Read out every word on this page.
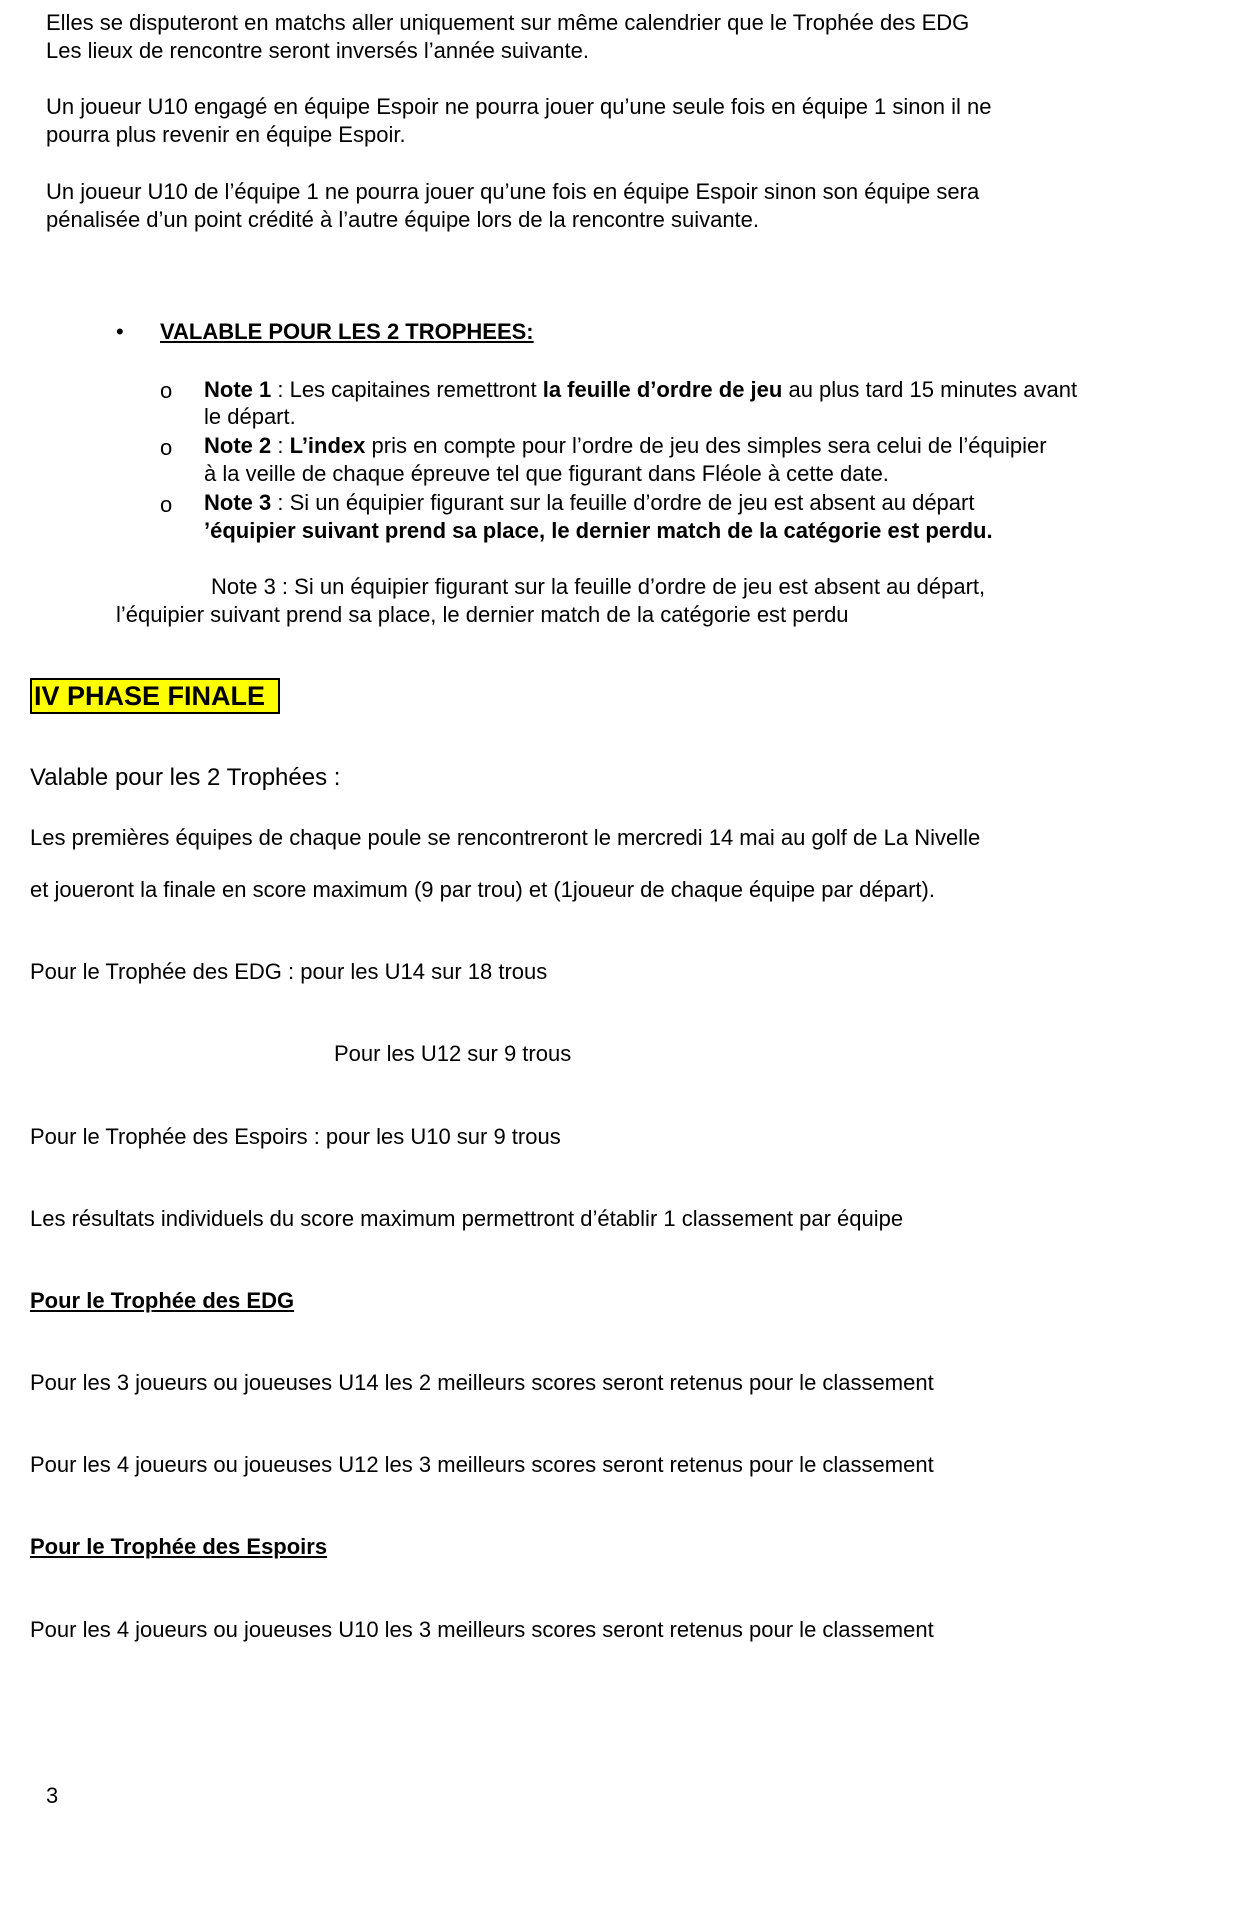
Elles se disputeront en matchs aller uniquement sur même calendrier que le Trophée des EDG
Les lieux de rencontre seront inversés l’année suivante.
Un joueur U10 engagé en équipe Espoir ne pourra jouer qu’une seule fois en équipe 1 sinon il ne
pourra plus revenir en équipe Espoir.
Un joueur U10 de l’équipe 1 ne pourra jouer qu’une fois en équipe Espoir sinon son équipe sera
pénalisée d’un point crédité à l’autre équipe lors de la rencontre suivante.
• VALABLE POUR LES 2 TROPHEES:
o Note 1 : Les capitaines remettront la feuille d’ordre de jeu au plus tard 15 minutes avant
le départ.
o Note 2 : L’index pris en compte pour l’ordre de jeu des simples sera celui de l’équipier
à la veille de chaque épreuve tel que figurant dans Fléole à cette date.
o Note 3 : Si un équipier figurant sur la feuille d’ordre de jeu est absent au départ
’équipier suivant prend sa place, le dernier match de la catégorie est perdu.
Note 3 : Si un équipier figurant sur la feuille d’ordre de jeu est absent au départ,
l’équipier suivant prend sa place, le dernier match de la catégorie est perdu
IV PHASE FINALE
Valable pour les 2 Trophées :
Les premières équipes de chaque poule se rencontreront le mercredi 14 mai au golf de La Nivelle
et joueront la finale en score maximum (9 par trou) et (1joueur de chaque équipe par départ).
Pour le Trophée des EDG : pour les U14 sur 18 trous
Pour les U12 sur 9 trous
Pour le Trophée des Espoirs : pour les U10 sur 9 trous
Les résultats individuels du score maximum permettront d’établir 1 classement par équipe
Pour le Trophée des EDG
Pour les 3 joueurs ou joueuses U14 les 2 meilleurs scores seront retenus pour le classement
Pour les 4 joueurs ou joueuses U12 les 3 meilleurs scores seront retenus pour le classement
Pour le Trophée des Espoirs
Pour les 4 joueurs ou joueuses U10 les 3 meilleurs scores seront retenus pour le classement
3
